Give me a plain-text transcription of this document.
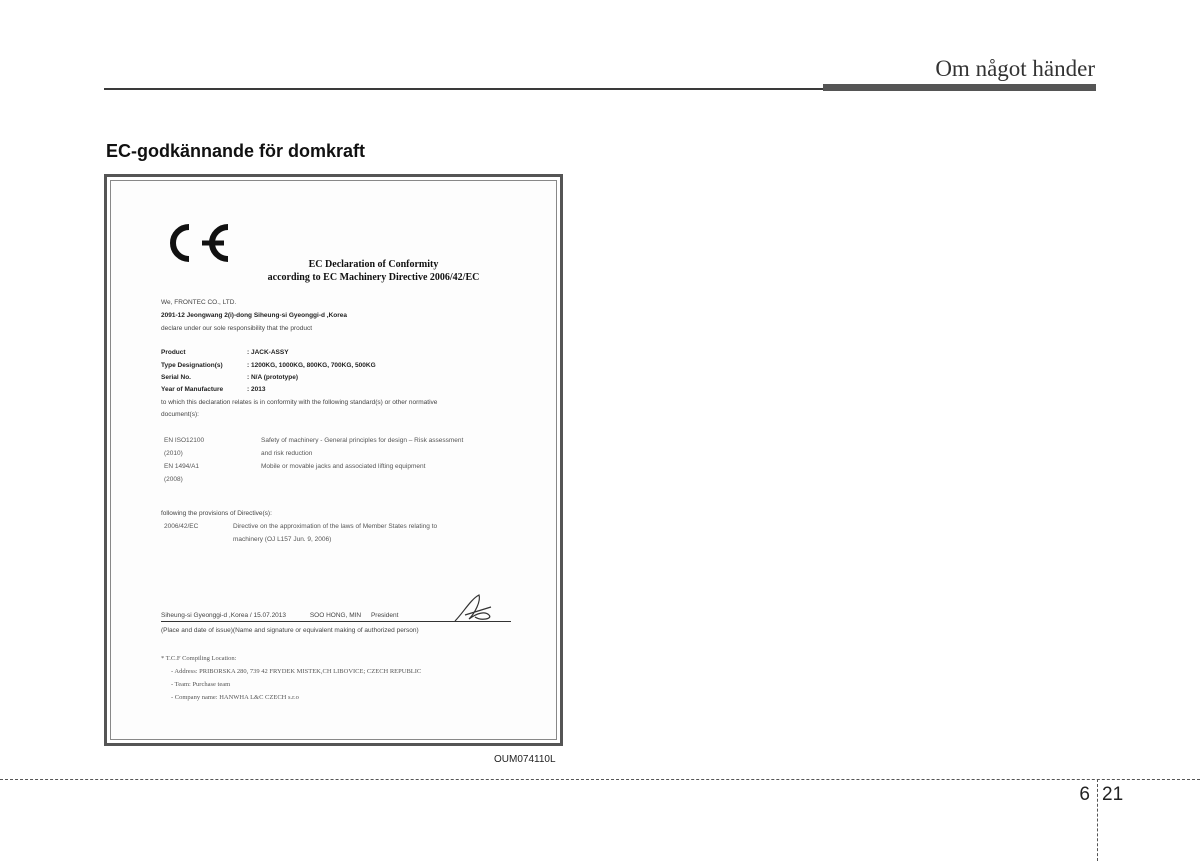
Om något händer
EC-godkännande för domkraft
EC Declaration of Conformity
according to EC Machinery Directive 2006/42/EC
We, FRONTEC CO., LTD.
2091-12 Jeongwang 2(i)-dong Siheung-si Gyeonggi-d ,Korea
declare under our sole responsibility that the product
Product	: JACK-ASSY
Type Designation(s)	: 1200KG, 1000KG, 800KG, 700KG, 500KG
Serial No.	: N/A (prototype)
Year of Manufacture	: 2013
to which this declaration relates is in conformity with the following standard(s) or other normative
document(s):
EN ISO12100	Safety of machinery - General principles for design – Risk assessment
(2010)	and risk reduction
EN 1494/A1	Mobile or movable jacks and associated lifting equipment
(2008)
following the provisions of Directive(s):
2006/42/EC	Directive on the approximation of the laws of Member States relating to
machinery (OJ L157 Jun. 9, 2006)
Siheung-si Gyeonggi-d ,Korea / 15.07.2013	SOO HONG, MIN President
(Place and date of issue)(Name and signature or equivalent making of authorized person)
* T.C.F Compiling Location:
- Address: PRIBORSKA 280, 739 42 FRYDEK MISTEK,CH LIBOVICE; CZECH REPUBLIC
- Team: Purchase team
- Company name: HANWHA L&C CZECH s.r.o
OUM074110L
6 21
